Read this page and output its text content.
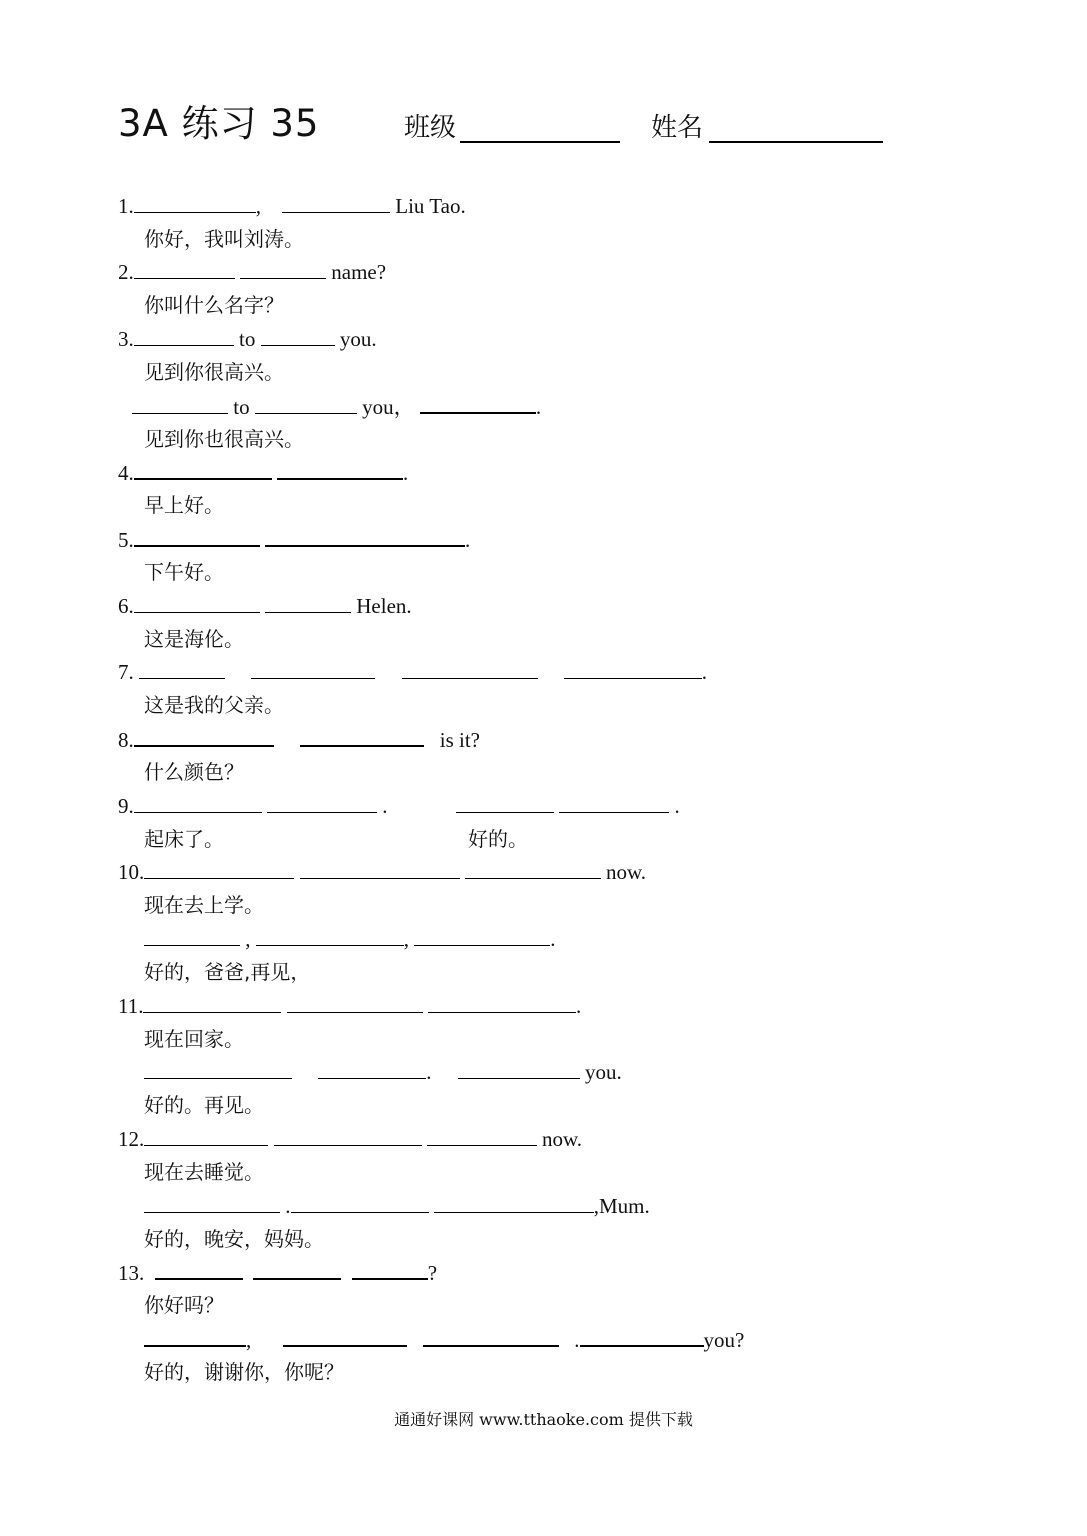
3A 练习 35	班级	姓名
1.	,	Liu Tao.
你好，我叫刘涛。
2.	name?
你叫什么名字？
3.	to	you.
见到你很高兴。
to	you，	.
见到你也很高兴。
4.	.
早上好。
5.	.
下午好。
6.	Helen.
这是海伦。
7.	.
这是我的父亲。
8.	is it?
什么颜色？
9.	.	.
起床了。	好的。
10.	now.
现在去上学。
,	,	.
好的，爸爸,再见，
11.	.
现在回家。
.	you.
好的。再见。
12.	now.
现在去睡觉。
.	,Mum.
好的，晚安，妈妈。
13.	?
你好吗？
,	.	you?
好的，谢谢你，你呢？
通通好课网 www.tthaoke.com 提供下载
